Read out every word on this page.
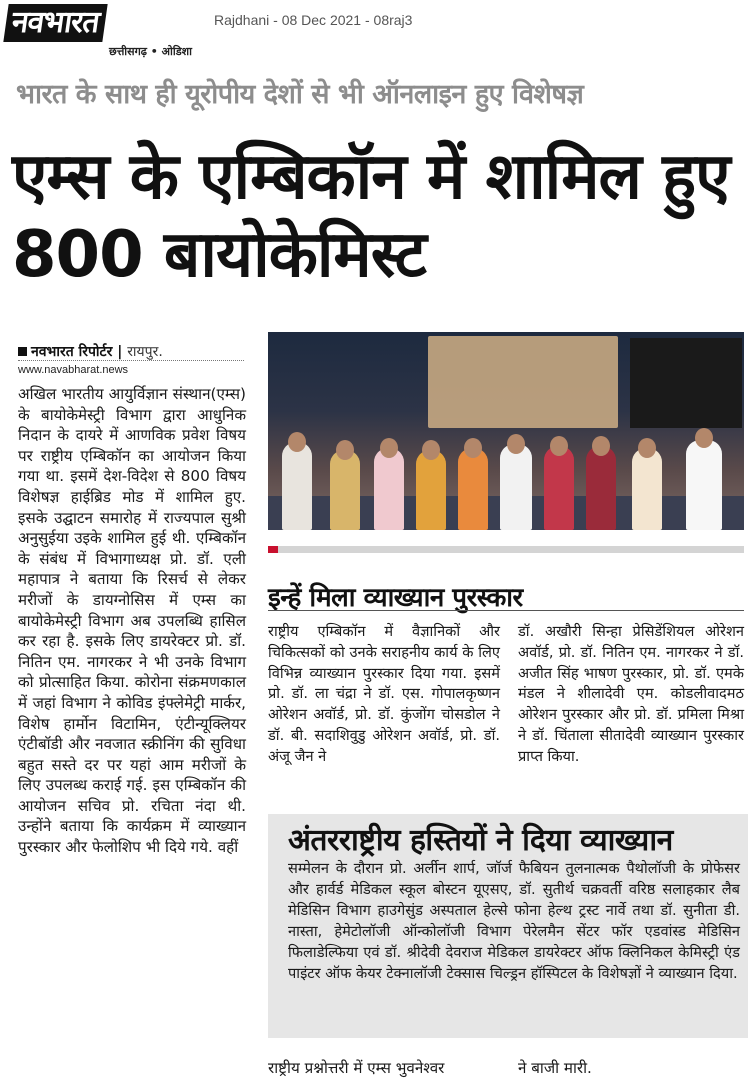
नवभारत
छत्तीसगढ़ • ओडिशा
Rajdhani - 08 Dec 2021 - 08raj3
भारत के साथ ही यूरोपीय देशों से भी ऑनलाइन हुए विशेषज्ञ
एम्स के एम्बिकॉन में शामिल हुए 800 बायोकेमिस्ट
नवभारत रिपोर्टर | रायपुर.
www.navabharat.news

अखिल भारतीय आयुर्विज्ञान संस्थान(एम्स) के बायोकेमेस्ट्री विभाग द्वारा आधुनिक निदान के दायरे में आणविक प्रवेश विषय पर राष्ट्रीय एम्बिकॉन का आयोजन किया गया था. इसमें देश-विदेश से 800 विषय विशेषज्ञ हाईब्रिड मोड में शामिल हुए. इसके उद्घाटन समारोह में राज्यपाल सुश्री अनुसुईया उइके शामिल हुई थी. एम्बिकॉन के संबंध में विभागाध्यक्ष प्रो. डॉ. एली महापात्र ने बताया कि रिसर्च से लेकर मरीजों के डायग्नोसिस में एम्स का बायोकेमेस्ट्री विभाग अब उपलब्धि हासिल कर रहा है. इसके लिए डायरेक्टर प्रो. डॉ. नितिन एम. नागरकर ने भी उनके विभाग को प्रोत्साहित किया. कोरोना संक्रमणकाल में जहां विभाग ने कोविड इंफ्लेमेट्री मार्कर, विशेष हार्मोन विटामिन, एंटीन्यूक्लियर एंटीबॉडी और नवजात स्क्रीनिंग की सुविधा बहुत सस्ते दर पर यहां आम मरीजों के लिए उपलब्ध कराई गई. इस एम्बिकॉन की आयोजन सचिव प्रो. रचिता नंदा थी. उन्होंने बताया कि कार्यक्रम में व्याख्यान पुरस्कार और फेलोशिप भी दिये गये. वहीं

इन्हें मिला व्याख्यान पुरस्कार
राष्ट्रीय एम्बिकॉन में वैज्ञानिकों और चिकित्सकों को उनके सराहनीय कार्य के लिए विभिन्न व्याख्यान पुरस्कार दिया गया. इसमें प्रो. डॉ. ला चंद्रा ने डॉ. एस. गोपालकृष्णन ओरेशन अवॉर्ड, प्रो. डॉ. कुंजोंग चोसडोल ने डॉ. बी. सदाशिवुडु ओरेशन अवॉर्ड, प्रो. डॉ. अंजू जैन ने
डॉ. अखौरी सिन्हा प्रेसिडेंशियल ओरेशन अवॉर्ड, प्रो. डॉ. नितिन एम. नागरकर ने डॉ. अजीत सिंह भाषण पुरस्कार, प्रो. डॉ. एमके मंडल ने शीलादेवी एम. कोडलीवादमठ ओरेशन पुरस्कार और प्रो. डॉ. प्रमिला मिश्रा ने डॉ. चिंताला सीतादेवी व्याख्यान पुरस्कार प्राप्त किया.
अंतरराष्ट्रीय हस्तियों ने दिया व्याख्यान
सम्मेलन के दौरान प्रो. अर्लीन शार्प, जॉर्ज फैबियन तुलनात्मक पैथोलॉजी के प्रोफेसर और हार्वर्ड मेडिकल स्कूल बोस्टन यूएसए, डॉ. सुतीर्थ चक्रवर्ती वरिष्ठ सलाहकार लैब मेडिसिन विभाग हाउगेसुंड अस्पताल हेल्से फोना हेल्थ ट्रस्ट नार्वे तथा डॉ. सुनीता डी. नास्ता, हेमेटोलॉजी ऑन्कोलॉजी विभाग पेरेलमैन सेंटर फॉर एडवांस्ड मेडिसिन फिलाडेल्फिया एवं डॉ. श्रीदेवी देवराज मेडिकल डायरेक्टर ऑफ क्लिनिकल केमिस्ट्री एंड पाइंटर ऑफ केयर टेक्नालॉजी टेक्सास चिल्ड्रन हॉस्पिटल के विशेषज्ञों ने व्याख्यान दिया.
राष्ट्रीय प्रश्नोत्तरी में एम्स भुवनेश्वर	ने बाजी मारी.
